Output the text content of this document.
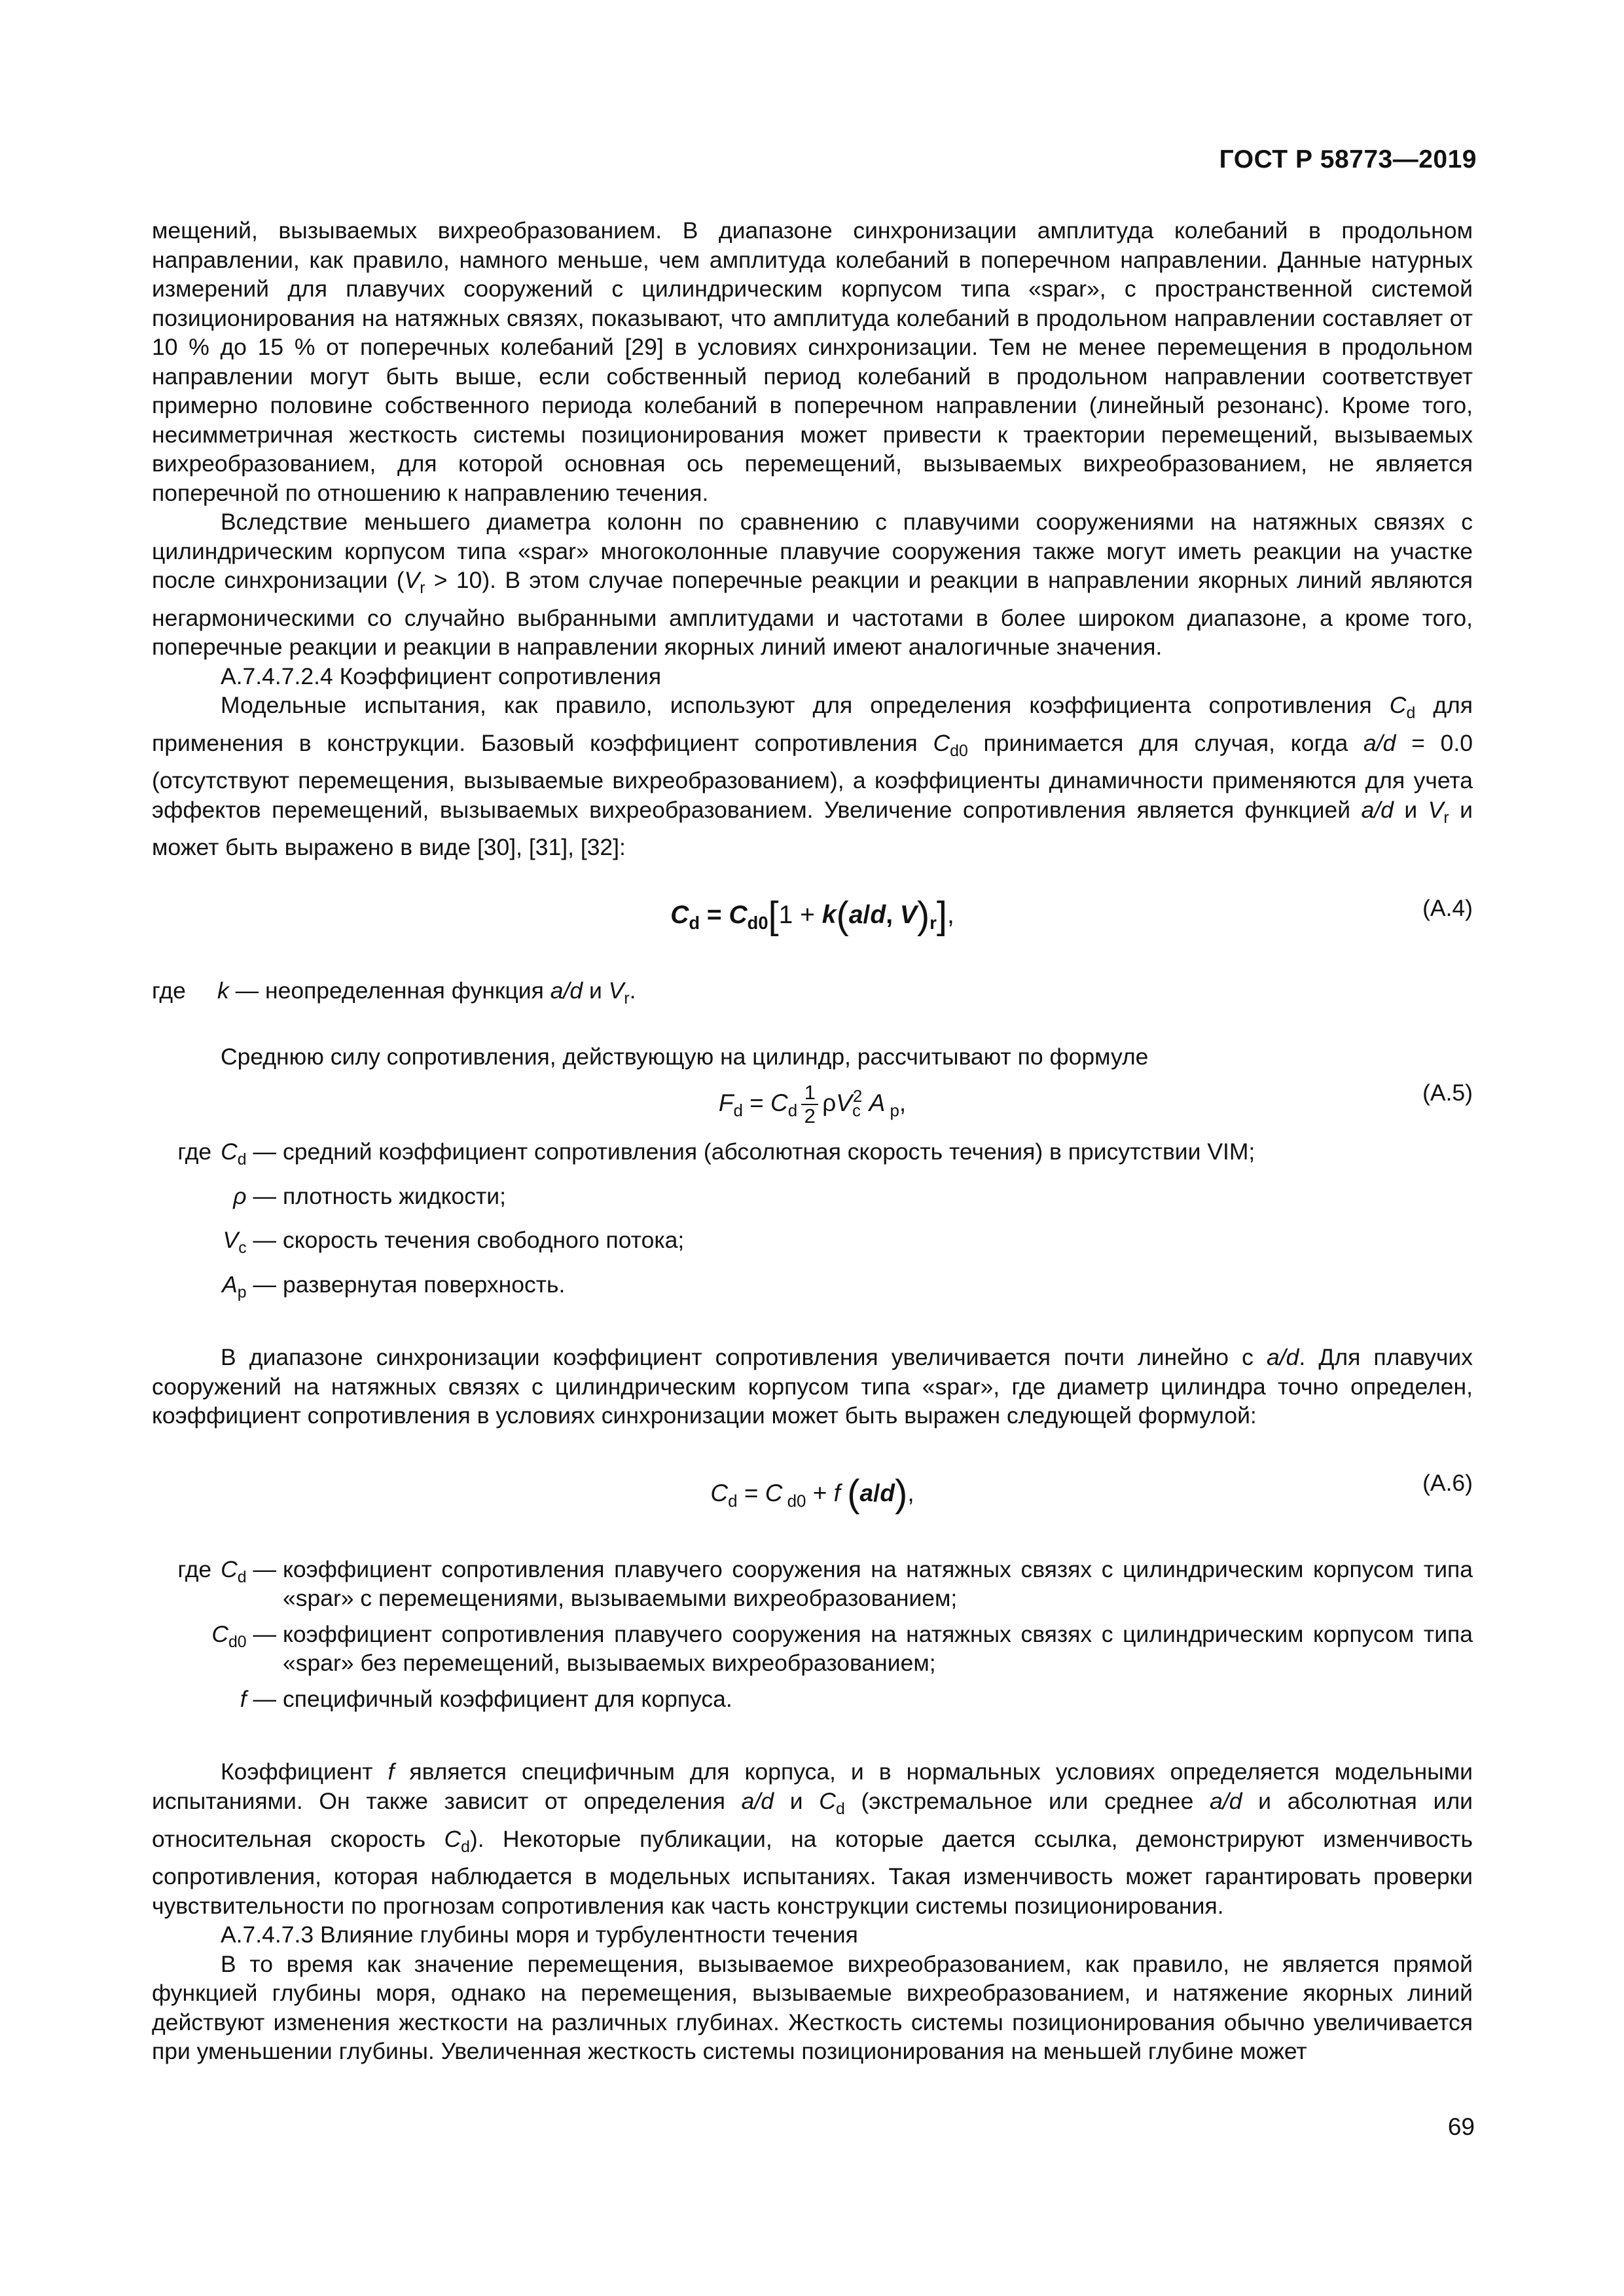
ГОСТ Р 58773—2019

мещений, вызываемых вихреобразованием. В диапазоне синхронизации амплитуда колебаний в продольном направлении, как правило, намного меньше, чем амплитуда колебаний в поперечном направлении. Данные натурных измерений для плавучих сооружений с цилиндрическим корпусом типа «spar», с пространственной системой позиционирования на натяжных связях, показывают, что амплитуда колебаний в продольном направлении составляет от 10 % до 15 % от поперечных колебаний [29] в условиях синхронизации. Тем не менее перемещения в продольном направлении могут быть выше, если собственный период колебаний в продольном направлении соответствует примерно половине собственного периода колебаний в поперечном направлении (линейный резонанс). Кроме того, несимметричная жесткость системы позиционирования может привести к траектории перемещений, вызываемых вихреобразованием, для которой основная ось перемещений, вызываемых вихреобразованием, не является поперечной по отношению к направлению течения.

Вследствие меньшего диаметра колонн по сравнению с плавучими сооружениями на натяжных связях с цилиндрическим корпусом типа «spar» многоколонные плавучие сооружения также могут иметь реакции на участке после синхронизации $(V_r > 10)$. В этом случае поперечные реакции и реакции в направлении якорных линий являются негармоническими со случайно выбранными амплитудами и частотами в более широком диапазоне, а кроме того, поперечные реакции и реакции в направлении якорных линий имеют аналогичные значения.

А.7.4.7.2.4 Коэффициент сопротивления

Модельные испытания, как правило, используют для определения коэффициента сопротивления $C_d$ для применения в конструкции. Базовый коэффициент сопротивления $C_{d0}$ принимается для случая, когда a/d = 0.0 (отсутствуют перемещения, вызываемые вихреобразованием), а коэффициенты динамичности применяются для учета эффектов перемещений, вызываемых вихреобразованием. Увеличение сопротивления является функцией a/d и $V_r$ и может быть выражено в виде [30], [31], [32]:

$C_d = C_{d0}[1 + k(a/d$, $V)_r$],	(А.4)
где	k — неопределенная функция a/d и $V_r$.

Среднюю силу сопротивления, действующую на цилиндр, рассчитывают по формуле

$F_d = C_d \frac{1}{2} \rho V_c^2$ A $_p$,	(А.5)
где $C_d$ — средний коэффициент сопротивления (абсолютная скорость течения) в присутствии VIM;
ρ — плотность жидкости;
$V_c$ — скорость течения свободного потока;
$A_p$ — развернутая поверхность.

В диапазоне синхронизации коэффициент сопротивления увеличивается почти линейно с a/d. Для плавучих сооружений на натяжных связях с цилиндрическим корпусом типа «spar», где диаметр цилиндра точно определен, коэффициент сопротивления в условиях синхронизации может быть выражен следующей формулой:

$C_d = C$ $_{d0}$ + f (a/d),	(А.6)
где $C_d$ — коэффициент сопротивления плавучего сооружения на натяжных связях с цилиндрическим корпусом типа «spar» с перемещениями, вызываемыми вихреобразованием;
$C_{d0}$ — коэффициент сопротивления плавучего сооружения на натяжных связях с цилиндрическим корпусом типа «spar» без перемещений, вызываемых вихреобразованием;
f — специфичный коэффициент для корпуса.

Коэффициент f является специфичным для корпуса, и в нормальных условиях определяется модельными испытаниями. Он также зависит от определения a/d и $C_d$ (экстремальное или среднее a/d и абсолютная или относительная скорость $C_d$). Некоторые публикации, на которые дается ссылка, демонстрируют изменчивость сопротивления, которая наблюдается в модельных испытаниях. Такая изменчивость может гарантировать проверки чувствительности по прогнозам сопротивления как часть конструкции системы позиционирования.

А.7.4.7.3 Влияние глубины моря и турбулентности течения

В то время как значение перемещения, вызываемое вихреобразованием, как правило, не является прямой функцией глубины моря, однако на перемещения, вызываемые вихреобразованием, и натяжение якорных линий действуют изменения жесткости на различных глубинах. Жесткость системы позиционирования обычно увеличивается при уменьшении глубины. Увеличенная жесткость системы позиционирования на меньшей глубине может

69
